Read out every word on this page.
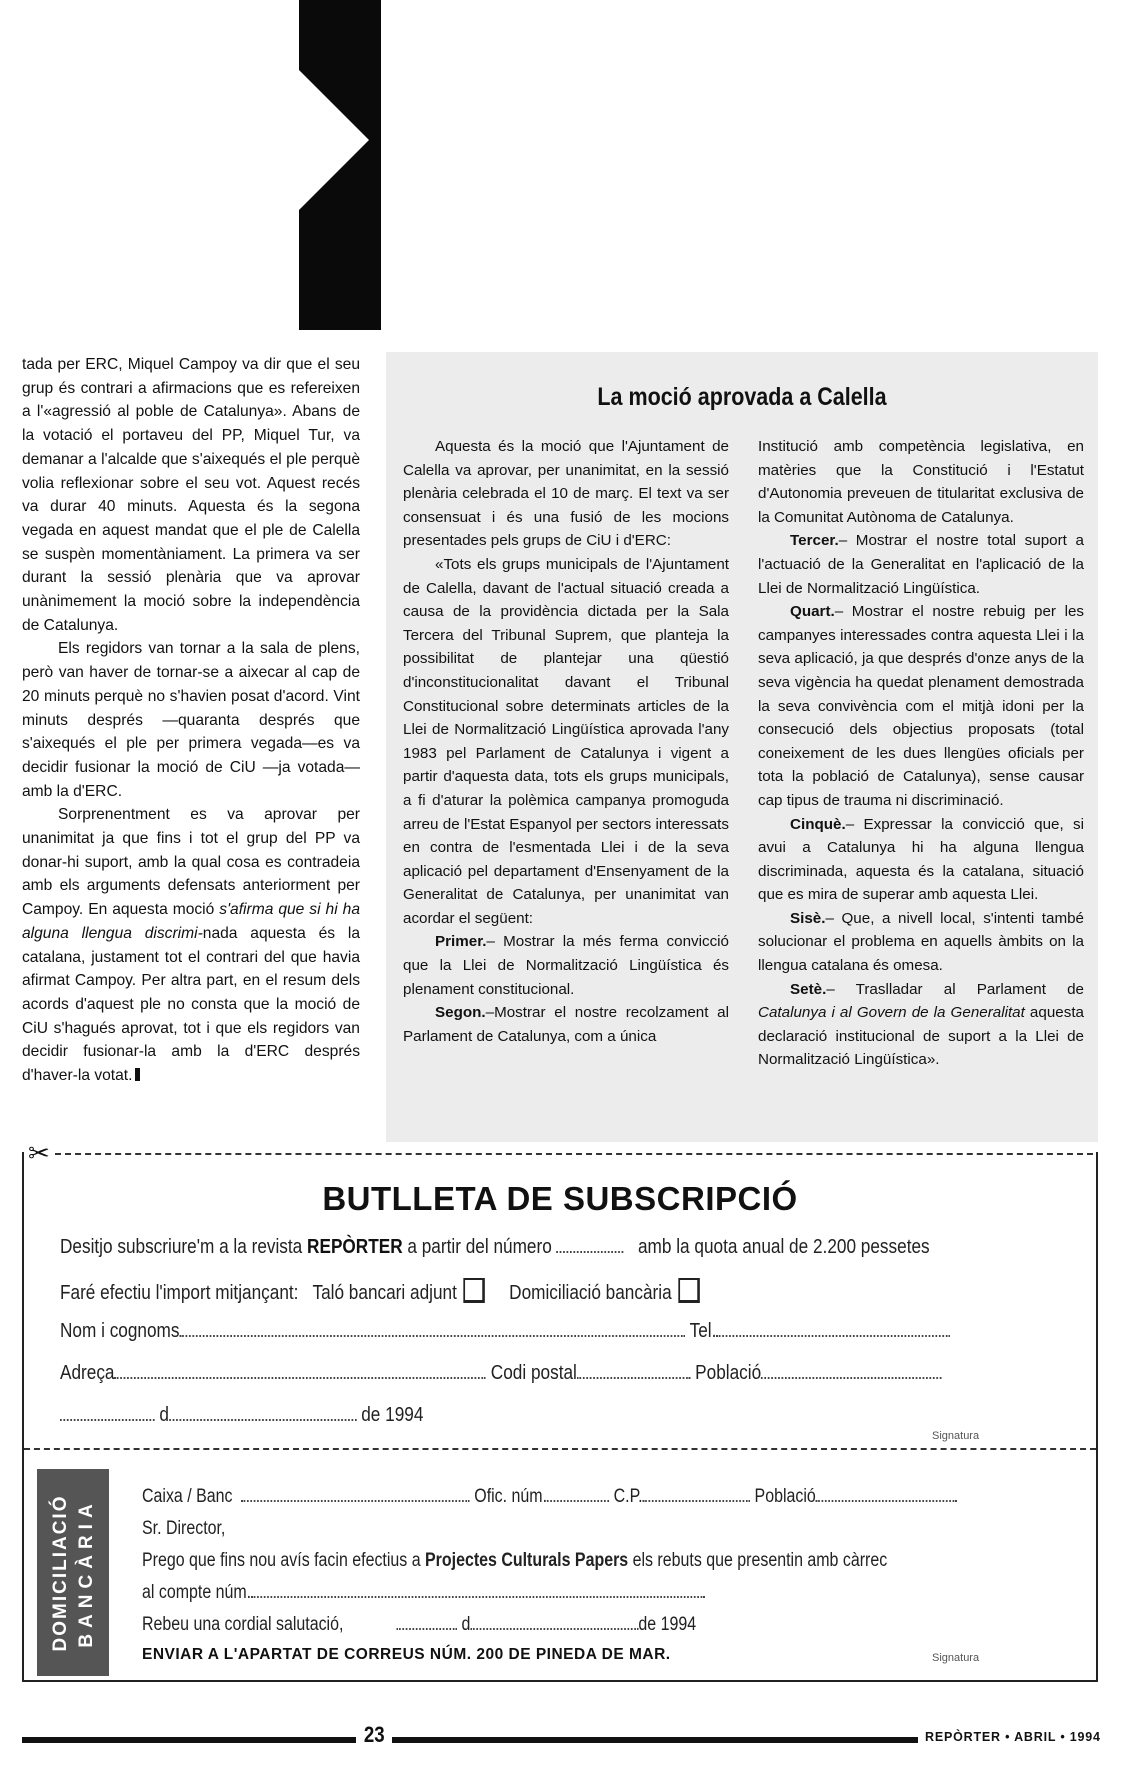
tada per ERC, Miquel Campoy va dir que el seu grup és contrari a afirmacions que es refereixen a l'«agressió al poble de Catalunya». Abans de la votació el portaveu del PP, Miquel Tur, va demanar a l'alcalde que s'aixequés el ple perquè volia reflexionar sobre el seu vot. Aquest recés va durar 40 minuts. Aquesta és la segona vegada en aquest mandat que el ple de Calella se suspèn momentàniament. La primera va ser durant la sessió plenària que va aprovar unànimement la moció sobre la independència de Catalunya.

Els regidors van tornar a la sala de plens, però van haver de tornar-se a aixecar al cap de 20 minuts perquè no s'havien posat d'acord. Vint minuts després —quaranta després que s'aixequés el ple per primera vegada—es va decidir fusionar la moció de CiU —ja votada— amb la d'ERC.

Sorprenentment es va aprovar per unanimitat ja que fins i tot el grup del PP va donar-hi suport, amb la qual cosa es contradeia amb els arguments defensats anteriorment per Campoy. En aquesta moció s'afirma que si hi ha alguna llengua discrimi-nada aquesta és la catalana, justament tot el contrari del que havia afirmat Campoy. Per altra part, en el resum dels acords d'aquest ple no consta que la moció de CiU s'hagués aprovat, tot i que els regidors van decidir fusionar-la amb la d'ERC després d'haver-la votat.

La moció aprovada a Calella

Aquesta és la moció que l'Ajuntament de Calella va aprovar, per unanimitat, en la sessió plenària celebrada el 10 de març. El text va ser consensuat i és una fusió de les mocions presentades pels grups de CiU i d'ERC:

«Tots els grups municipals de l'Ajuntament de Calella, davant de l'actual situació creada a causa de la providència dictada per la Sala Tercera del Tribunal Suprem, que planteja la possibilitat de plantejar una qüestió d'inconstitucionalitat davant el Tribunal Constitucional sobre determinats articles de la Llei de Normalització Lingüística aprovada l'any 1983 pel Parlament de Catalunya i vigent a partir d'aquesta data, tots els grups municipals, a fi d'aturar la polèmica campanya promoguda arreu de l'Estat Espanyol per sectors interessats en contra de l'esmentada Llei i de la seva aplicació pel departament d'Ensenyament de la Generalitat de Catalunya, per unanimitat van acordar el següent:

Primer.– Mostrar la més ferma convicció que la Llei de Normalització Lingüística és plenament constitucional.

Segon.–Mostrar el nostre recolzament al Parlament de Catalunya, com a única

Institució amb competència legislativa, en matèries que la Constitució i l'Estatut d'Autonomia preveuen de titularitat exclusiva de la Comunitat Autònoma de Catalunya.

Tercer.– Mostrar el nostre total suport a l'actuació de la Generalitat en l'aplicació de la Llei de Normalització Lingüística.

Quart.– Mostrar el nostre rebuig per les campanyes interessades contra aquesta Llei i la seva aplicació, ja que després d'onze anys de la seva vigència ha quedat plenament demostrada la seva convivència com el mitjà idoni per la consecució dels objectius proposats (total coneixement de les dues llengües oficials per tota la població de Catalunya), sense causar cap tipus de trauma ni discriminació.

Cinquè.– Expressar la convicció que, si avui a Catalunya hi ha alguna llengua discriminada, aquesta és la catalana, situació que es mira de superar amb aquesta Llei.

Sisè.– Que, a nivell local, s'intenti també solucionar el problema en aquells àmbits on la llengua catalana és omesa.

Setè.– Traslladar al Parlament de Catalunya i al Govern de la Generalitat aquesta declaració institucional de suport a la Llei de Normalització Lingüística».

✂
BUTLLETA DE SUBSCRIPCIÓ
Desitjo subscriure'm a la revista REPÒRTER a partir del número	amb la quota anual de 2.200 pessetes
Faré efectiu l'import mitjançant: Taló bancari adjunt	Domiciliació bancària
Nom i cognoms	Tel.
Adreça	Codi postal	Població
d	de 1994
Signatura
DOMICILIACIÓ BANCÀRIA
Caixa / Banc	Ofic. núm.	C.P.	Població
Sr. Director,
Prego que fins nou avís facin efectius a Projectes Culturals Papers els rebuts que presentin amb càrrec
al compte núm.
Rebeu una cordial salutació,	d	de 1994
ENVIAR A L'APARTAT DE CORREUS NÚM. 200 DE PINEDA DE MAR.	Signatura
23	REPÒRTER • ABRIL • 1994
